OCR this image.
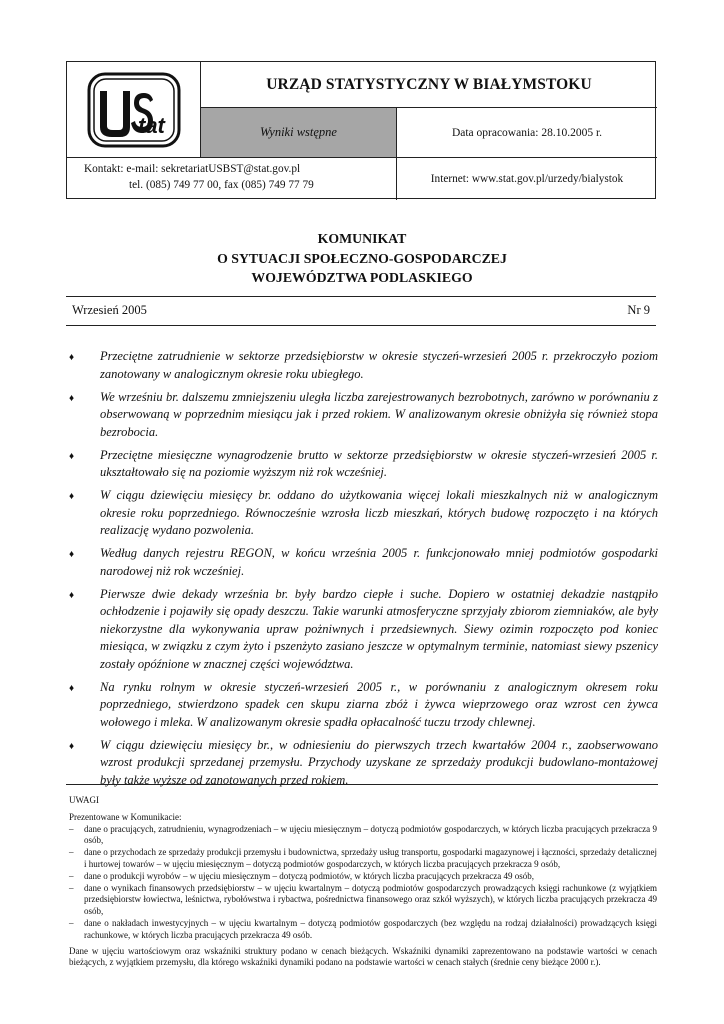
tat
URZĄD STATYSTYCZNY W BIAŁYMSTOKU
Wyniki wstępne	Data opracowania: 28.10.2005 r.
Kontakt: e-mail: sekretariatUSBST@stat.gov.pl
tel. (085) 749 77 00, fax (085) 749 77 79	Internet: www.stat.gov.pl/urzedy/bialystok
KOMUNIKAT
O SYTUACJI SPOŁECZNO-GOSPODARCZEJ
WOJEWÓDZTWA PODLASKIEGO
Wrzesień 2005	Nr 9
♦	Przeciętne zatrudnienie w sektorze przedsiębiorstw w okresie styczeń-wrzesień 2005 r. przekroczyło poziom zanotowany w analogicznym okresie roku ubiegłego.
♦	We wrześniu br. dalszemu zmniejszeniu uległa liczba zarejestrowanych bezrobotnych, zarówno w porównaniu z obserwowaną w poprzednim miesiącu jak i przed rokiem. W analizowanym okresie obniżyła się również stopa bezrobocia.
♦	Przeciętne miesięczne wynagrodzenie brutto w sektorze przedsiębiorstw w okresie styczeń-wrzesień 2005 r. ukształtowało się na poziomie wyższym niż rok wcześniej.
♦	W ciągu dziewięciu miesięcy br. oddano do użytkowania więcej lokali mieszkalnych niż w analogicznym okresie roku poprzedniego. Równocześnie wzrosła liczb mieszkań, których budowę rozpoczęto i na których realizację wydano pozwolenia.
♦	Według danych rejestru REGON, w końcu września 2005 r. funkcjonowało mniej podmiotów gospodarki narodowej niż rok wcześniej.
♦	Pierwsze dwie dekady września br. były bardzo ciepłe i suche. Dopiero w ostatniej dekadzie nastąpiło ochłodzenie i pojawiły się opady deszczu. Takie warunki atmosferyczne sprzyjały zbiorom ziemniaków, ale były niekorzystne dla wykonywania upraw pożniwnych i przedsiewnych. Siewy ozimin rozpoczęto pod koniec miesiąca, w związku z czym żyto i pszenżyto zasiano jeszcze w optymalnym terminie, natomiast siewy pszenicy zostały opóźnione w znacznej części województwa.
♦	Na rynku rolnym w okresie styczeń-wrzesień 2005 r., w porównaniu z analogicznym okresem roku poprzedniego, stwierdzono spadek cen skupu ziarna zbóż i żywca wieprzowego oraz wzrost cen żywca wołowego i mleka. W analizowanym okresie spadła opłacalność tuczu trzody chlewnej.
♦	W ciągu dziewięciu miesięcy br., w odniesieniu do pierwszych trzech kwartałów 2004 r., zaobserwowano wzrost produkcji sprzedanej przemysłu. Przychody uzyskane ze sprzedaży produkcji budowlano-montażowej były także wyższe od zanotowanych przed rokiem.
UWAGI
Prezentowane w Komunikacie:
–	dane o pracujących, zatrudnieniu, wynagrodzeniach – w ujęciu miesięcznym – dotyczą podmiotów gospodarczych, w których liczba pracujących przekracza 9 osób,
–	dane o przychodach ze sprzedaży produkcji przemysłu i budownictwa, sprzedaży usług transportu, gospodarki magazynowej i łączności, sprzedaży detalicznej i hurtowej towarów – w ujęciu miesięcznym – dotyczą podmiotów gospodarczych, w których liczba pracujących przekracza 9 osób,
–	dane o produkcji wyrobów – w ujęciu miesięcznym – dotyczą podmiotów, w których liczba pracujących przekracza 49 osób,
–	dane o wynikach finansowych przedsiębiorstw – w ujęciu kwartalnym – dotyczą podmiotów gospodarczych prowadzących księgi rachunkowe (z wyjątkiem przedsiębiorstw łowiectwa, leśnictwa, rybołówstwa i rybactwa, pośrednictwa finansowego oraz szkół wyższych), w których liczba pracujących przekracza 49 osób,
–	dane o nakładach inwestycyjnych – w ujęciu kwartalnym – dotyczą podmiotów gospodarczych (bez względu na rodzaj działalności) prowadzących księgi rachunkowe, w których liczba pracujących przekracza 49 osób.
Dane w ujęciu wartościowym oraz wskaźniki struktury podano w cenach bieżących. Wskaźniki dynamiki zaprezentowano na podstawie wartości w cenach bieżących, z wyjątkiem przemysłu, dla którego wskaźniki dynamiki podano na podstawie wartości w cenach stałych (średnie ceny bieżące 2000 r.).
